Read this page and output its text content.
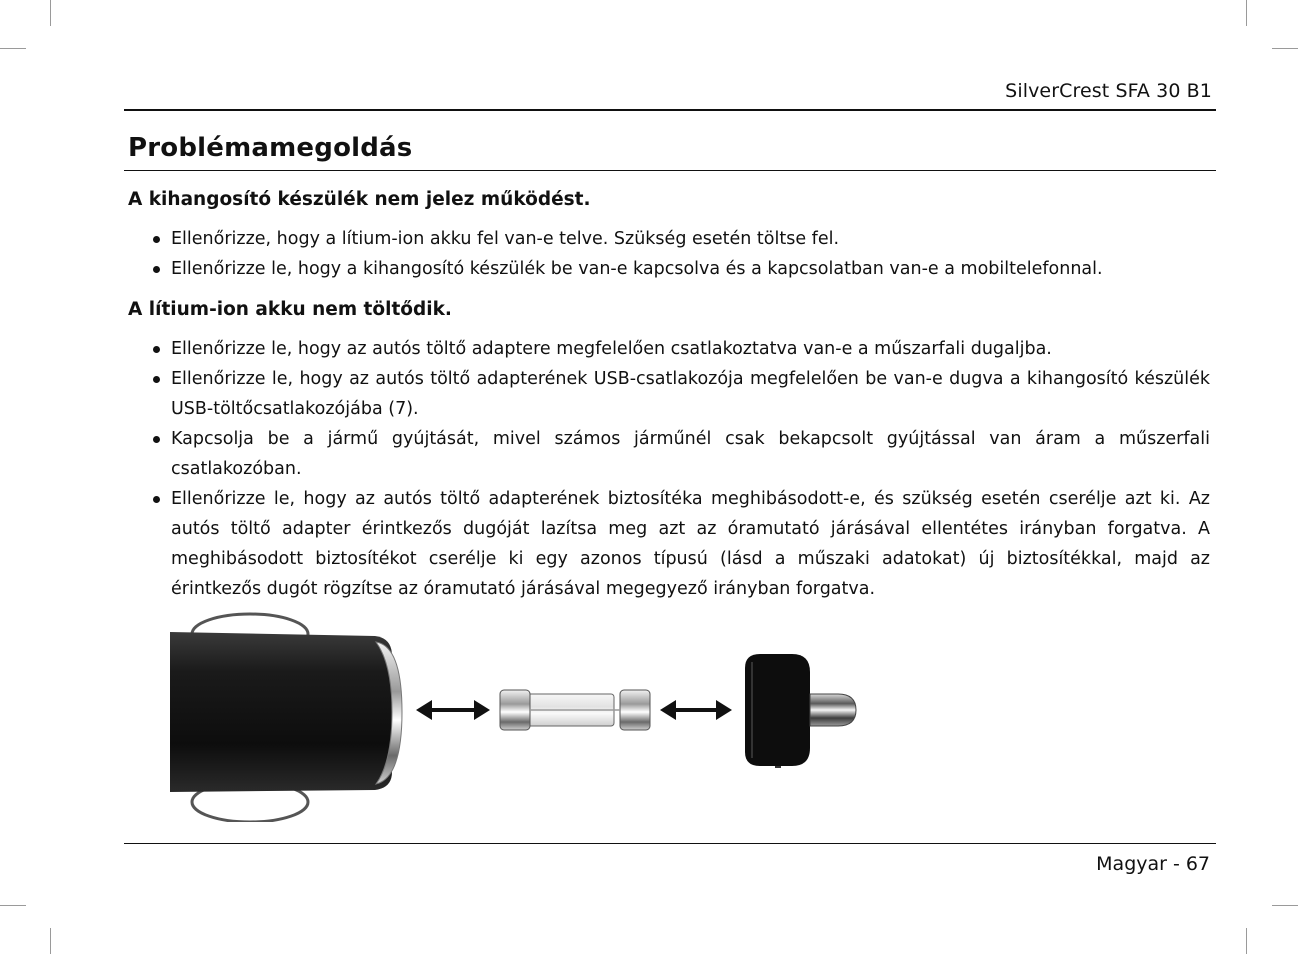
SilverCrest SFA 30 B1
Problémamegoldás
A kihangosító készülék nem jelez működést.
Ellenőrizze, hogy a lítium-ion akku fel van-e telve. Szükség esetén töltse fel.
Ellenőrizze le, hogy a kihangosító készülék be van-e kapcsolva és a kapcsolatban van-e a mobiltelefonnal.
A lítium-ion akku nem töltődik.
Ellenőrizze le, hogy az autós töltő adaptere megfelelően csatlakoztatva van-e a műszarfali dugaljba.
Ellenőrizze le, hogy az autós töltő adapterének USB-csatlakozója megfelelően be van-e dugva a kihangosító készülék USB-töltőcsatlakozójába (7).
Kapcsolja be a jármű gyújtását, mivel számos járműnél csak bekapcsolt gyújtással van áram a műszerfali csatlakozóban.
Ellenőrizze le, hogy az autós töltő adapterének biztosítéka meghibásodott-e, és szükség esetén cserélje azt ki. Az autós töltő adapter érintkezős dugóját lazítsa meg azt az óramutató járásával ellentétes irányban forgatva. A meghibásodott biztosítékot cserélje ki egy azonos típusú (lásd a műszaki adatokat) új biztosítékkal, majd az érintkezős dugót rögzítse az óramutató járásával megegyező irányban forgatva.
Magyar - 67
